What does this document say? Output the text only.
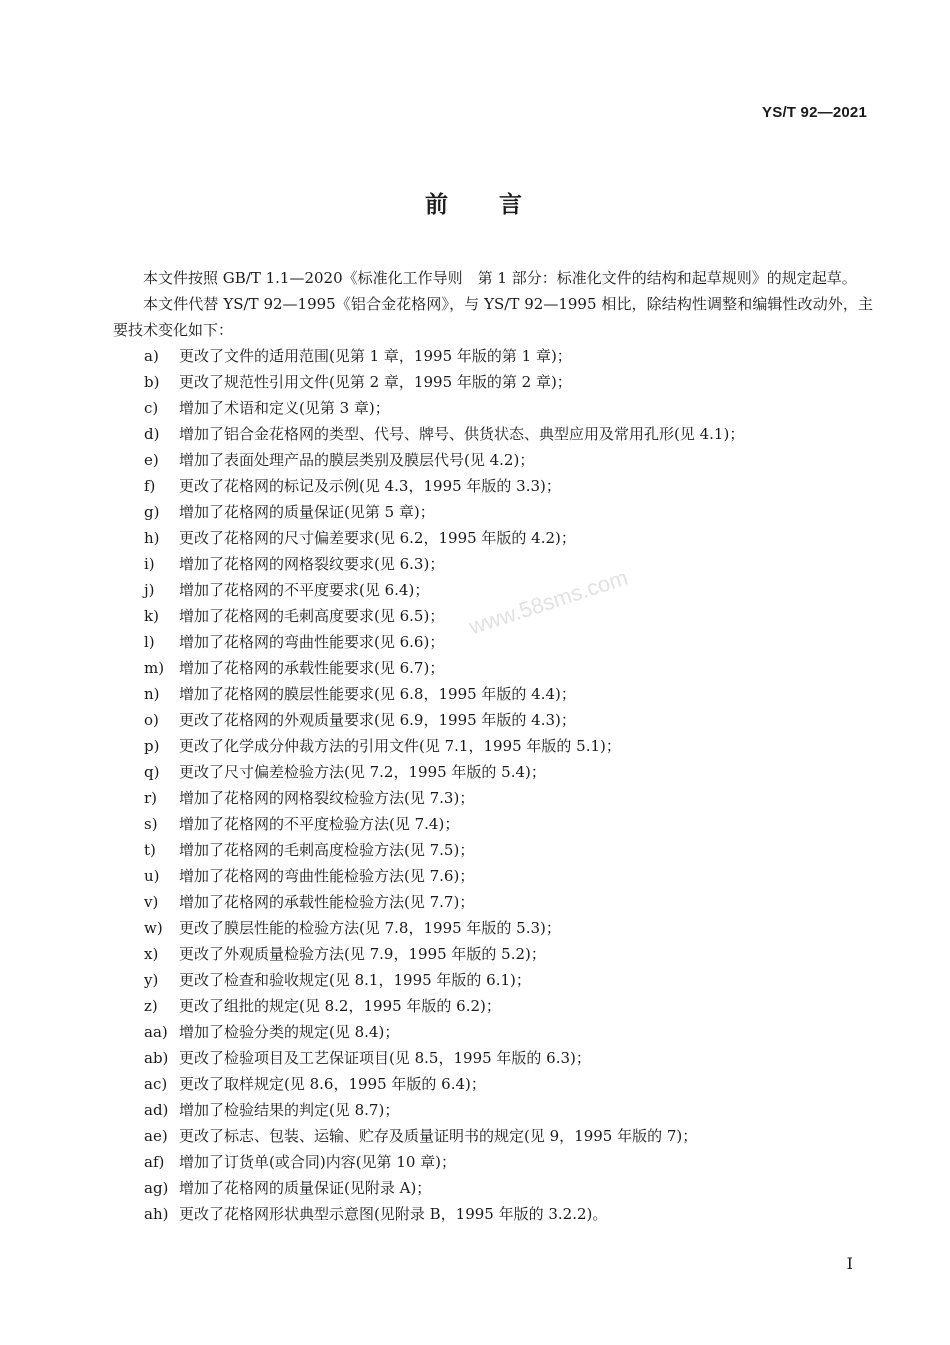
YS/T 92—2021
前 言

本文件按照 GB/T 1.1—2020《标准化工作导则　第 1 部分：标准化文件的结构和起草规则》的规定起草。

本文件代替 YS/T 92—1995《铝合金花格网》，与 YS/T 92—1995 相比，除结构性调整和编辑性改动外，主要技术变化如下：

a)	更改了文件的适用范围(见第 1 章，1995 年版的第 1 章)；
b)	更改了规范性引用文件(见第 2 章，1995 年版的第 2 章)；
c)	增加了术语和定义(见第 3 章)；
d)	增加了铝合金花格网的类型、代号、牌号、供货状态、典型应用及常用孔形(见 4.1)；
e)	增加了表面处理产品的膜层类别及膜层代号(见 4.2)；
f)	更改了花格网的标记及示例(见 4.3，1995 年版的 3.3)；
g)	增加了花格网的质量保证(见第 5 章)；
h)	更改了花格网的尺寸偏差要求(见 6.2，1995 年版的 4.2)；
i)	增加了花格网的网格裂纹要求(见 6.3)；
j)	增加了花格网的不平度要求(见 6.4)；
k)	增加了花格网的毛刺高度要求(见 6.5)；
l)	增加了花格网的弯曲性能要求(见 6.6)；
m) 增加了花格网的承载性能要求(见 6.7)；
n)	增加了花格网的膜层性能要求(见 6.8，1995 年版的 4.4)；
o)	更改了花格网的外观质量要求(见 6.9，1995 年版的 4.3)；
p)	更改了化学成分仲裁方法的引用文件(见 7.1，1995 年版的 5.1)；
q)	更改了尺寸偏差检验方法(见 7.2，1995 年版的 5.4)；
r)	增加了花格网的网格裂纹检验方法(见 7.3)；
s)	增加了花格网的不平度检验方法(见 7.4)；
t)	增加了花格网的毛刺高度检验方法(见 7.5)；
u)	增加了花格网的弯曲性能检验方法(见 7.6)；
v)	增加了花格网的承载性能检验方法(见 7.7)；
w)	更改了膜层性能的检验方法(见 7.8，1995 年版的 5.3)；
x)	更改了外观质量检验方法(见 7.9，1995 年版的 5.2)；
y)	更改了检查和验收规定(见 8.1，1995 年版的 6.1)；
z)	更改了组批的规定(见 8.2，1995 年版的 6.2)；
aa) 增加了检验分类的规定(见 8.4)；
ab) 更改了检验项目及工艺保证项目(见 8.5，1995 年版的 6.3)；
ac) 更改了取样规定(见 8.6，1995 年版的 6.4)；
ad) 增加了检验结果的判定(见 8.7)；
ae) 更改了标志、包装、运输、贮存及质量证明书的规定(见 9，1995 年版的 7)；
af) 增加了订货单(或合同)内容(见第 10 章)；
ag) 增加了花格网的质量保证(见附录 A)；
ah) 更改了花格网形状典型示意图(见附录 B，1995 年版的 3.2.2)。
www.58sms.com
I
